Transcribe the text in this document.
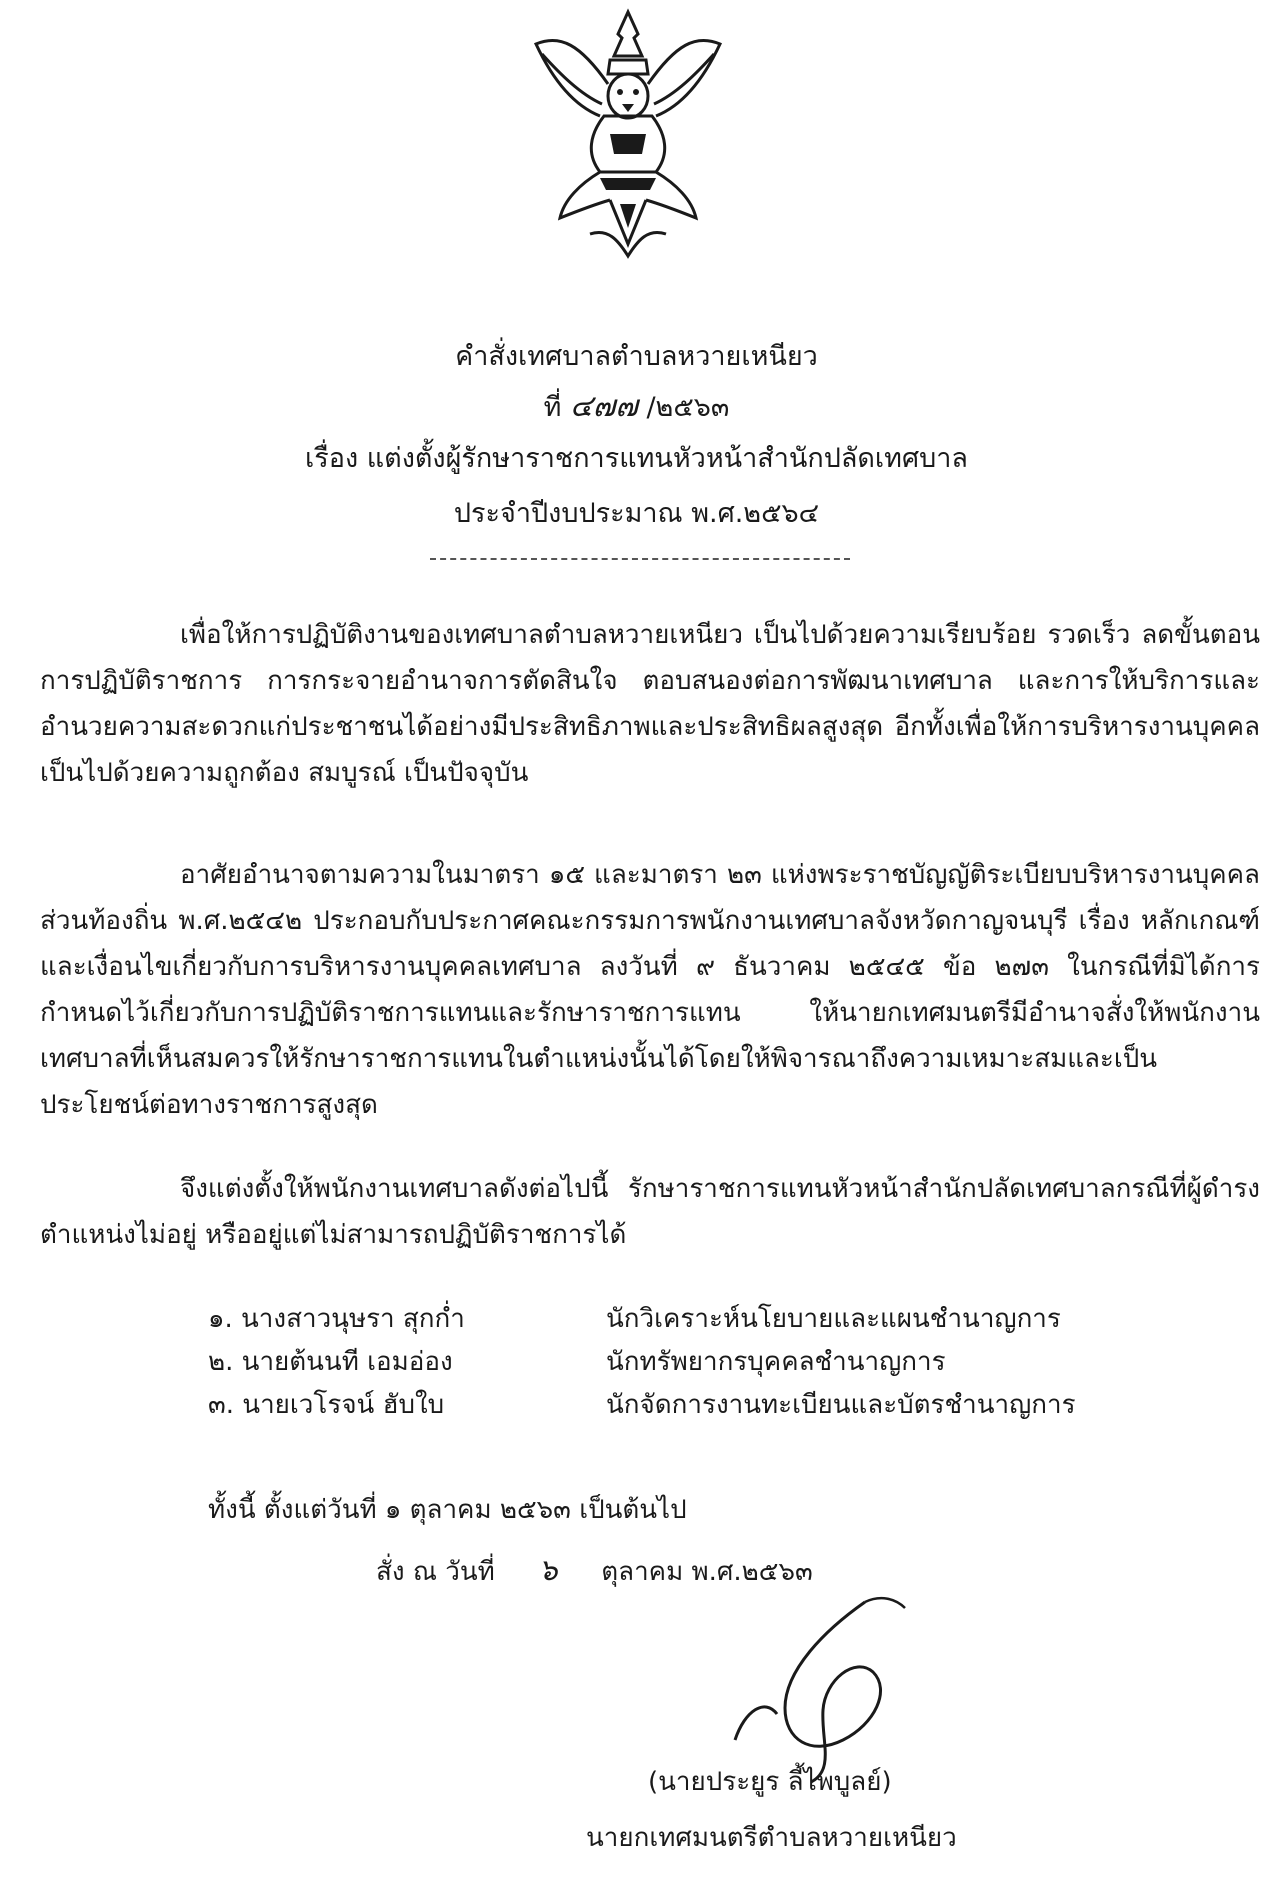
คำสั่งเทศบาลตำบลหวายเหนียว
ที่ ๔๗๗ /๒๕๖๓
เรื่อง แต่งตั้งผู้รักษาราชการแทนหัวหน้าสำนักปลัดเทศบาล
ประจำปีงบประมาณ พ.ศ.๒๕๖๔

เพื่อให้การปฏิบัติงานของเทศบาลตำบลหวายเหนียว เป็นไปด้วยความเรียบร้อย รวดเร็ว ลดขั้นตอนการปฏิบัติราชการ การกระจายอำนาจการตัดสินใจ ตอบสนองต่อการพัฒนาเทศบาล และการให้บริการและอำนวยความสะดวกแก่ประชาชนได้อย่างมีประสิทธิภาพและประสิทธิผลสูงสุด อีกทั้งเพื่อให้การบริหารงานบุคคลเป็นไปด้วยความถูกต้อง สมบูรณ์ เป็นปัจจุบัน

อาศัยอำนาจตามความในมาตรา ๑๕ และมาตรา ๒๓ แห่งพระราชบัญญัติระเบียบบริหารงานบุคคลส่วนท้องถิ่น พ.ศ.๒๕๔๒ ประกอบกับประกาศคณะกรรมการพนักงานเทศบาลจังหวัดกาญจนบุรี เรื่อง หลักเกณฑ์และเงื่อนไขเกี่ยวกับการบริหารงานบุคคลเทศบาล ลงวันที่ ๙ ธันวาคม ๒๕๔๕ ข้อ ๒๗๓ ในกรณีที่มิได้การกำหนดไว้เกี่ยวกับการปฏิบัติราชการแทนและรักษาราชการแทน ให้นายกเทศมนตรีมีอำนาจสั่งให้พนักงานเทศบาลที่เห็นสมควรให้รักษาราชการแทนในตำแหน่งนั้นได้โดยให้พิจารณาถึงความเหมาะสมและเป็นประโยชน์ต่อทางราชการสูงสุด

จึงแต่งตั้งให้พนักงานเทศบาลดังต่อไปนี้ รักษาราชการแทนหัวหน้าสำนักปลัดเทศบาลกรณีที่ผู้ดำรงตำแหน่งไม่อยู่ หรืออยู่แต่ไม่สามารถปฏิบัติราชการได้

๑. นางสาวนุษรา สุกก่ำ	นักวิเคราะห์นโยบายและแผนชำนาญการ
๒. นายต้นนที เอมอ่อง	นักทรัพยากรบุคคลชำนาญการ
๓. นายเวโรจน์ ฮับใบ	นักจัดการงานทะเบียนและบัตรชำนาญการ
ทั้งนี้ ตั้งแต่วันที่ ๑ ตุลาคม ๒๕๖๓ เป็นต้นไป
สั่ง ณ วันที่ ๖ ตุลาคม พ.ศ.๒๕๖๓
(นายประยูร ลี้ไพบูลย์)
นายกเทศมนตรีตำบลหวายเหนียว
